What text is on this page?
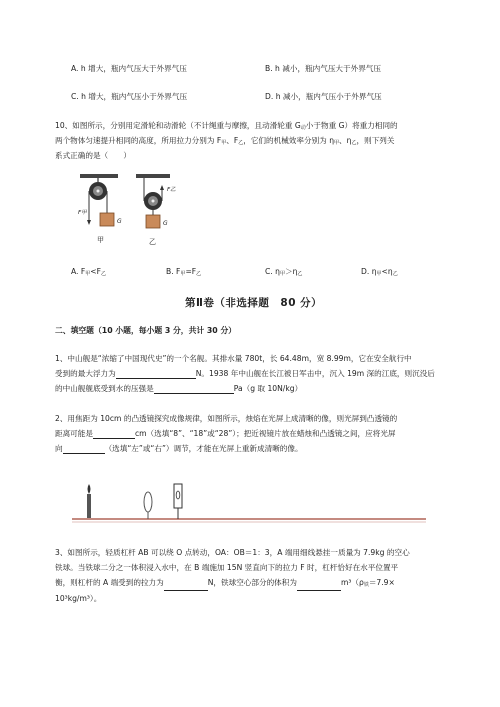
A. h 增大，瓶内气压大于外界气压	B. h 减小，瓶内气压大于外界气压
C. h 增大，瓶内气压小于外界气压	D. h 减小，瓶内气压小于外界气压
10、如图所示，分别用定滑轮和动滑轮（不计绳重与摩擦，且动滑轮重 $G_动$小于物重 G）将重力相同的
两个物体匀速提升相同的高度，所用拉力分别为 $F_甲$、$F_乙$，它们的机械效率分别为 $\eta_甲$、$\eta_乙$，则下列关
系式正确的是（　　）
F甲
G
甲
F乙
G
乙
A. $F_甲<F_乙$	B. $F_甲=F_乙$	C. $\eta_甲>\eta_乙$	D. $\eta_甲<\eta_乙$
第Ⅱ卷（非选择题　80 分）
二、填空题（10 小题，每小题 3 分，共计 30 分）
1、中山舰是“浓缩了中国现代史”的一个名舰。其排水量 780t，长 64.48m，宽 8.99m，它在安全航行中
受到的最大浮力为	N。1938 年中山舰在长江被日军击中，沉入 19m 深的江底，则沉没后
的中山舰舰底受到水的压强是	Pa（g 取 10N/kg）
2、用焦距为 10cm 的凸透镜探究成像规律，如图所示，烛焰在光屏上成清晰的像，则光屏到凸透镜的
距离可能是	cm（选填“8”、“18”或“28”）；把近视镜片放在蜡烛和凸透镜之间，应将光屏
向	（选填“左”或“右”）调节，才能在光屏上重新成清晰的像。
3、如图所示，轻质杠杆 AB 可以绕 O 点转动，OA：OB＝1：3，A 端用细线悬挂一质量为 7.9kg 的空心
铁球。当铁球二分之一体积浸入水中，在 B 端施加 15N 竖直向下的拉力 F 时，杠杆恰好在水平位置平
衡，则杠杆的 A 端受到的拉力为	N，铁球空心部分的体积为	$m^3(\rho_铁=7.9\times$
10³kg/m³）。
